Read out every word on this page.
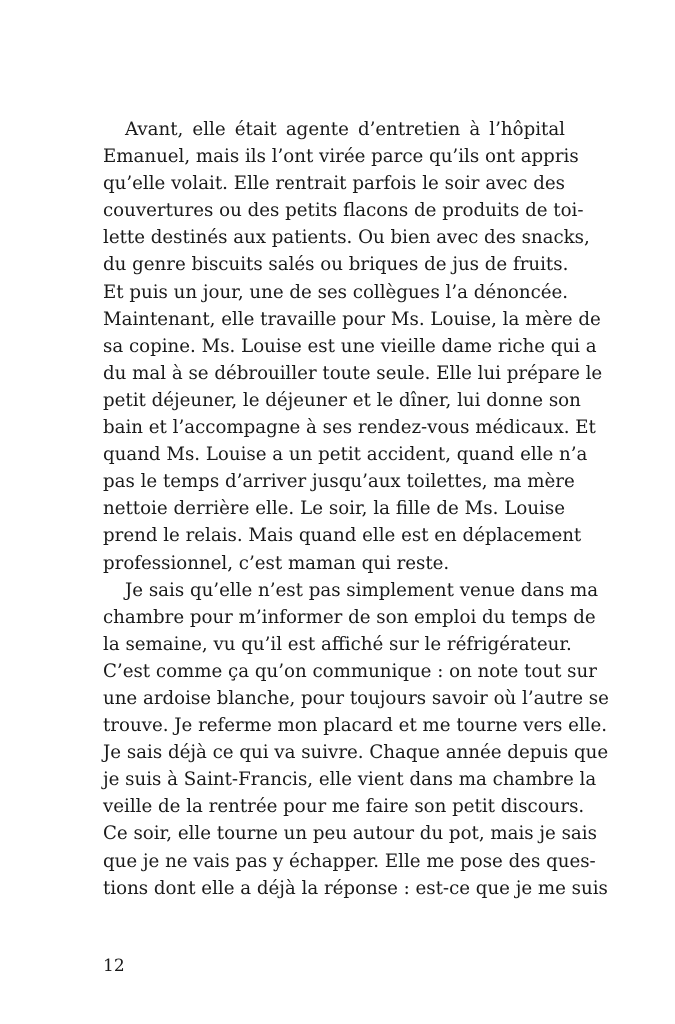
Avant, elle était agente d’entretien à l’hôpital
Emanuel, mais ils l’ont virée parce qu’ils ont appris
qu’elle volait. Elle rentrait parfois le soir avec des
couvertures ou des petits flacons de produits de toi-
lette destinés aux patients. Ou bien avec des snacks,
du genre biscuits salés ou briques de jus de fruits.
Et puis un jour, une de ses collègues l’a dénoncée.
Maintenant, elle travaille pour Ms. Louise, la mère de
sa copine. Ms. Louise est une vieille dame riche qui a
du mal à se débrouiller toute seule. Elle lui prépare le
petit déjeuner, le déjeuner et le dîner, lui donne son
bain et l’accompagne à ses rendez-vous médicaux. Et
quand Ms. Louise a un petit accident, quand elle n’a
pas le temps d’arriver jusqu’aux toilettes, ma mère
nettoie derrière elle. Le soir, la fille de Ms. Louise
prend le relais. Mais quand elle est en déplacement
professionnel, c’est maman qui reste.
Je sais qu’elle n’est pas simplement venue dans ma
chambre pour m’informer de son emploi du temps de
la semaine, vu qu’il est affiché sur le réfrigérateur.
C’est comme ça qu’on communique : on note tout sur
une ardoise blanche, pour toujours savoir où l’autre se
trouve. Je referme mon placard et me tourne vers elle.
Je sais déjà ce qui va suivre. Chaque année depuis que
je suis à Saint-Francis, elle vient dans ma chambre la
veille de la rentrée pour me faire son petit discours.
Ce soir, elle tourne un peu autour du pot, mais je sais
que je ne vais pas y échapper. Elle me pose des ques-
tions dont elle a déjà la réponse : est-ce que je me suis
12
